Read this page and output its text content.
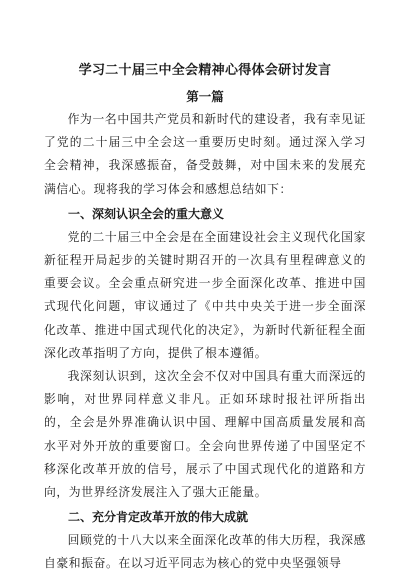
学习二十届三中全会精神心得体会研讨发言
第一篇

作为一名中国共产党员和新时代的建设者，我有幸见证了党的二十届三中全会这一重要历史时刻。通过深入学习全会精神，我深感振奋，备受鼓舞，对中国未来的发展充满信心。现将我的学习体会和感想总结如下：

一、深刻认识全会的重大意义

党的二十届三中全会是在全面建设社会主义现代化国家新征程开局起步的关键时期召开的一次具有里程碑意义的重要会议。全会重点研究进一步全面深化改革、推进中国式现代化问题，审议通过了《中共中央关于进一步全面深化改革、推进中国式现代化的决定》，为新时代新征程全面深化改革指明了方向，提供了根本遵循。

我深刻认识到，这次全会不仅对中国具有重大而深远的影响，对世界同样意义非凡。正如环球时报社评所指出的，全会是外界准确认识中国、理解中国高质量发展和高水平对外开放的重要窗口。全会向世界传递了中国坚定不移深化改革开放的信号，展示了中国式现代化的道路和方向，为世界经济发展注入了强大正能量。

二、充分肯定改革开放的伟大成就

回顾党的十八大以来全面深化改革的伟大历程，我深感自豪和振奋。在以习近平同志为核心的党中央坚强领导
